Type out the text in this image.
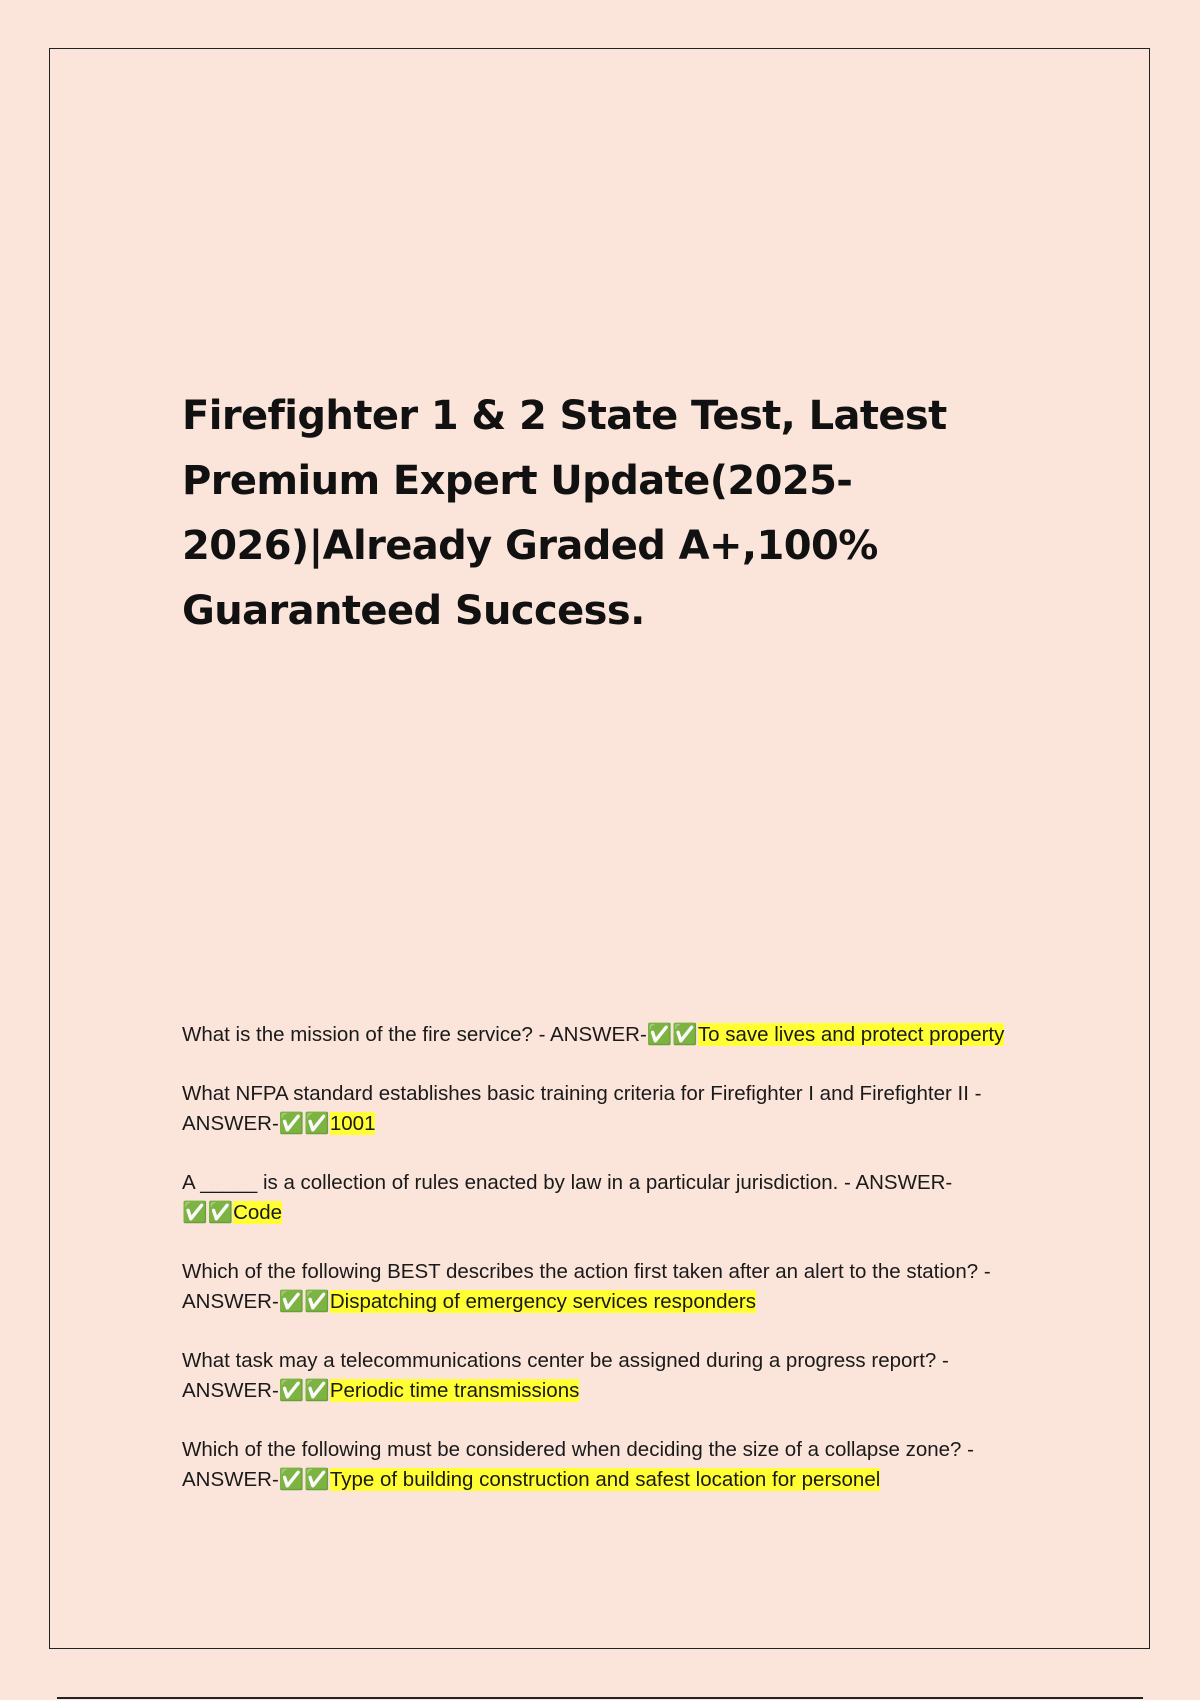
Firefighter 1 & 2 State Test, Latest Premium Expert Update(2025-2026)|Already Graded A+,100% Guaranteed Success.

What is the mission of the fire service? - ANSWER-✅✅To save lives and protect property

What NFPA standard establishes basic training criteria for Firefighter I and Firefighter II - ANSWER-✅✅1001

A _____ is a collection of rules enacted by law in a particular jurisdiction. - ANSWER-✅✅Code

Which of the following BEST describes the action first taken after an alert to the station? - ANSWER-✅✅Dispatching of emergency services responders

What task may a telecommunications center be assigned during a progress report? - ANSWER-✅✅Periodic time transmissions

Which of the following must be considered when deciding the size of a collapse zone? - ANSWER-✅✅Type of building construction and safest location for personel
